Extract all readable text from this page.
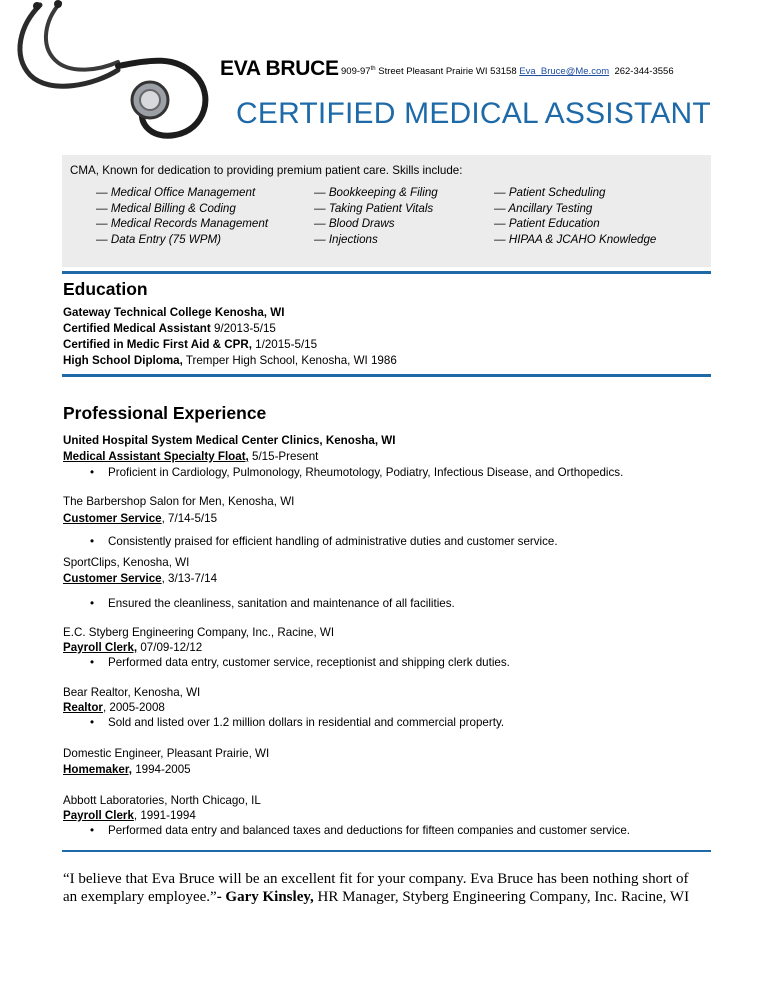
EVA BRUCE 909-97th Street Pleasant Prairie WI 53158 Eva_Bruce@Me.com 262-344-3556
CERTIFIED MEDICAL ASSISTANT
CMA, Known for dedication to providing premium patient care. Skills include:
— Medical Office Management
— Medical Billing & Coding
— Medical Records Management
— Data Entry (75 WPM)
— Bookkeeping & Filing
— Taking Patient Vitals
— Blood Draws
— Injections
— Patient Scheduling
— Ancillary Testing
— Patient Education
— HIPAA & JCAHO Knowledge
Education
Gateway Technical College Kenosha, WI
Certified Medical Assistant 9/2013-5/15
Certified in Medic First Aid & CPR, 1/2015-5/15
High School Diploma, Tremper High School, Kenosha, WI 1986
Professional Experience
United Hospital System Medical Center Clinics, Kenosha, WI
Medical Assistant Specialty Float, 5/15-Present
• Proficient in Cardiology, Pulmonology, Rheumotology, Podiatry, Infectious Disease, and Orthopedics.
The Barbershop Salon for Men, Kenosha, WI
Customer Service, 7/14-5/15
• Consistently praised for efficient handling of administrative duties and customer service.
SportClips, Kenosha, WI
Customer Service, 3/13-7/14
• Ensured the cleanliness, sanitation and maintenance of all facilities.
E.C. Styberg Engineering Company, Inc., Racine, WI
Payroll Clerk, 07/09-12/12
• Performed data entry, customer service, receptionist and shipping clerk duties.
Bear Realtor, Kenosha, WI
Realtor, 2005-2008
• Sold and listed over 1.2 million dollars in residential and commercial property.
Domestic Engineer, Pleasant Prairie, WI
Homemaker, 1994-2005
Abbott Laboratories, North Chicago, IL
Payroll Clerk, 1991-1994
• Performed data entry and balanced taxes and deductions for fifteen companies and customer service.
“I believe that Eva Bruce will be an excellent fit for your company. Eva Bruce has been nothing short of
an exemplary employee.”- Gary Kinsley, HR Manager, Styberg Engineering Company, Inc. Racine, WI
